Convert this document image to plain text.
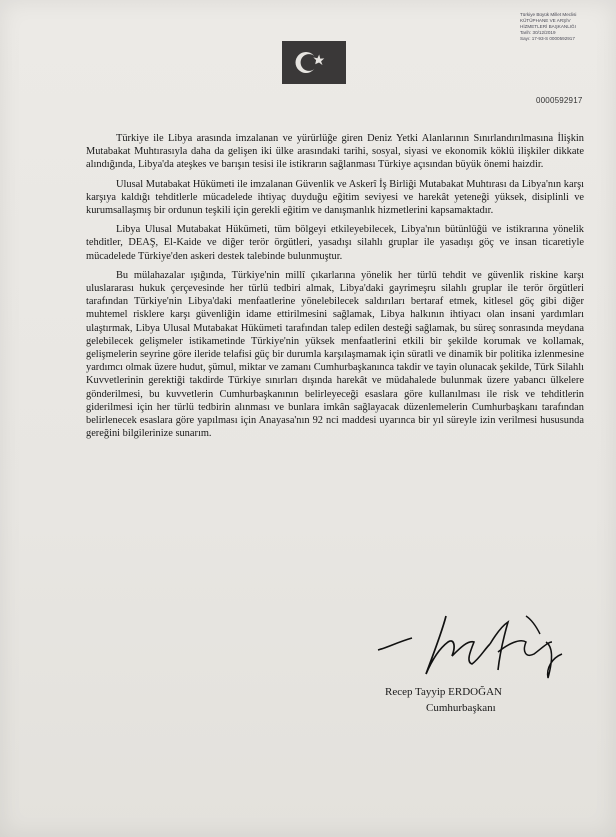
Türkiye Büyük Millet Meclisi
KÜTÜPHANE VE ARŞİV
HİZMETLERİ BAŞKANLIĞI
Tarih: 30/12/2019
Sayı: 17-93-S 0000592917
0000592917

Türkiye ile Libya arasında imzalanan ve yürürlüğe giren Deniz Yetki Alanlarının Sınırlandırılmasına İlişkin Mutabakat Muhtırasıyla daha da gelişen iki ülke arasındaki tarihi, sosyal, siyasi ve ekonomik köklü ilişkiler dikkate alındığında, Libya'da ateşkes ve barışın tesisi ile istikrarın sağlanması Türkiye açısından büyük önemi haizdir.

Ulusal Mutabakat Hükümeti ile imzalanan Güvenlik ve Askerî İş Birliği Mutabakat Muhtırası da Libya'nın karşı karşıya kaldığı tehditlerle mücadelede ihtiyaç duyduğu eğitim seviyesi ve harekât yeteneği yüksek, disiplinli ve kurumsallaşmış bir ordunun teşkili için gerekli eğitim ve danışmanlık hizmetlerini kapsamaktadır.

Libya Ulusal Mutabakat Hükümeti, tüm bölgeyi etkileyebilecek, Libya'nın bütünlüğü ve istikrarına yönelik tehditler, DEAŞ, El-Kaide ve diğer terör örgütleri, yasadışı silahlı gruplar ile yasadışı göç ve insan ticaretiyle mücadelede Türkiye'den askeri destek talebinde bulunmuştur.

Bu mülahazalar ışığında, Türkiye'nin millî çıkarlarına yönelik her türlü tehdit ve güvenlik riskine karşı uluslararası hukuk çerçevesinde her türlü tedbiri almak, Libya'daki gayrimeşru silahlı gruplar ile terör örgütleri tarafından Türkiye'nin Libya'daki menfaatlerine yönelebilecek saldırıları bertaraf etmek, kitlesel göç gibi diğer muhtemel risklere karşı güvenliğin idame ettirilmesini sağlamak, Libya halkının ihtiyacı olan insani yardımları ulaştırmak, Libya Ulusal Mutabakat Hükümeti tarafından talep edilen desteği sağlamak, bu süreç sonrasında meydana gelebilecek gelişmeler istikametinde Türkiye'nin yüksek menfaatlerini etkili bir şekilde korumak ve kollamak, gelişmelerin seyrine göre ileride telafisi güç bir durumla karşılaşmamak için süratli ve dinamik bir politika izlenmesine yardımcı olmak üzere hudut, şümul, miktar ve zamanı Cumhurbaşkanınca takdir ve tayin olunacak şekilde, Türk Silahlı Kuvvetlerinin gerektiği takdirde Türkiye sınırları dışında harekât ve müdahalede bulunmak üzere yabancı ülkelere gönderilmesi, bu kuvvetlerin Cumhurbaşkanının belirleyeceği esaslara göre kullanılması ile risk ve tehditlerin giderilmesi için her türlü tedbirin alınması ve bunlara imkân sağlayacak düzenlemelerin Cumhurbaşkanı tarafından belirlenecek esaslara göre yapılması için Anayasa'nın 92 nci maddesi uyarınca bir yıl süreyle izin verilmesi hususunda gereğini bilgilerinize sunarım.

Recep Tayyip ERDOĞAN
Cumhurbaşkanı
